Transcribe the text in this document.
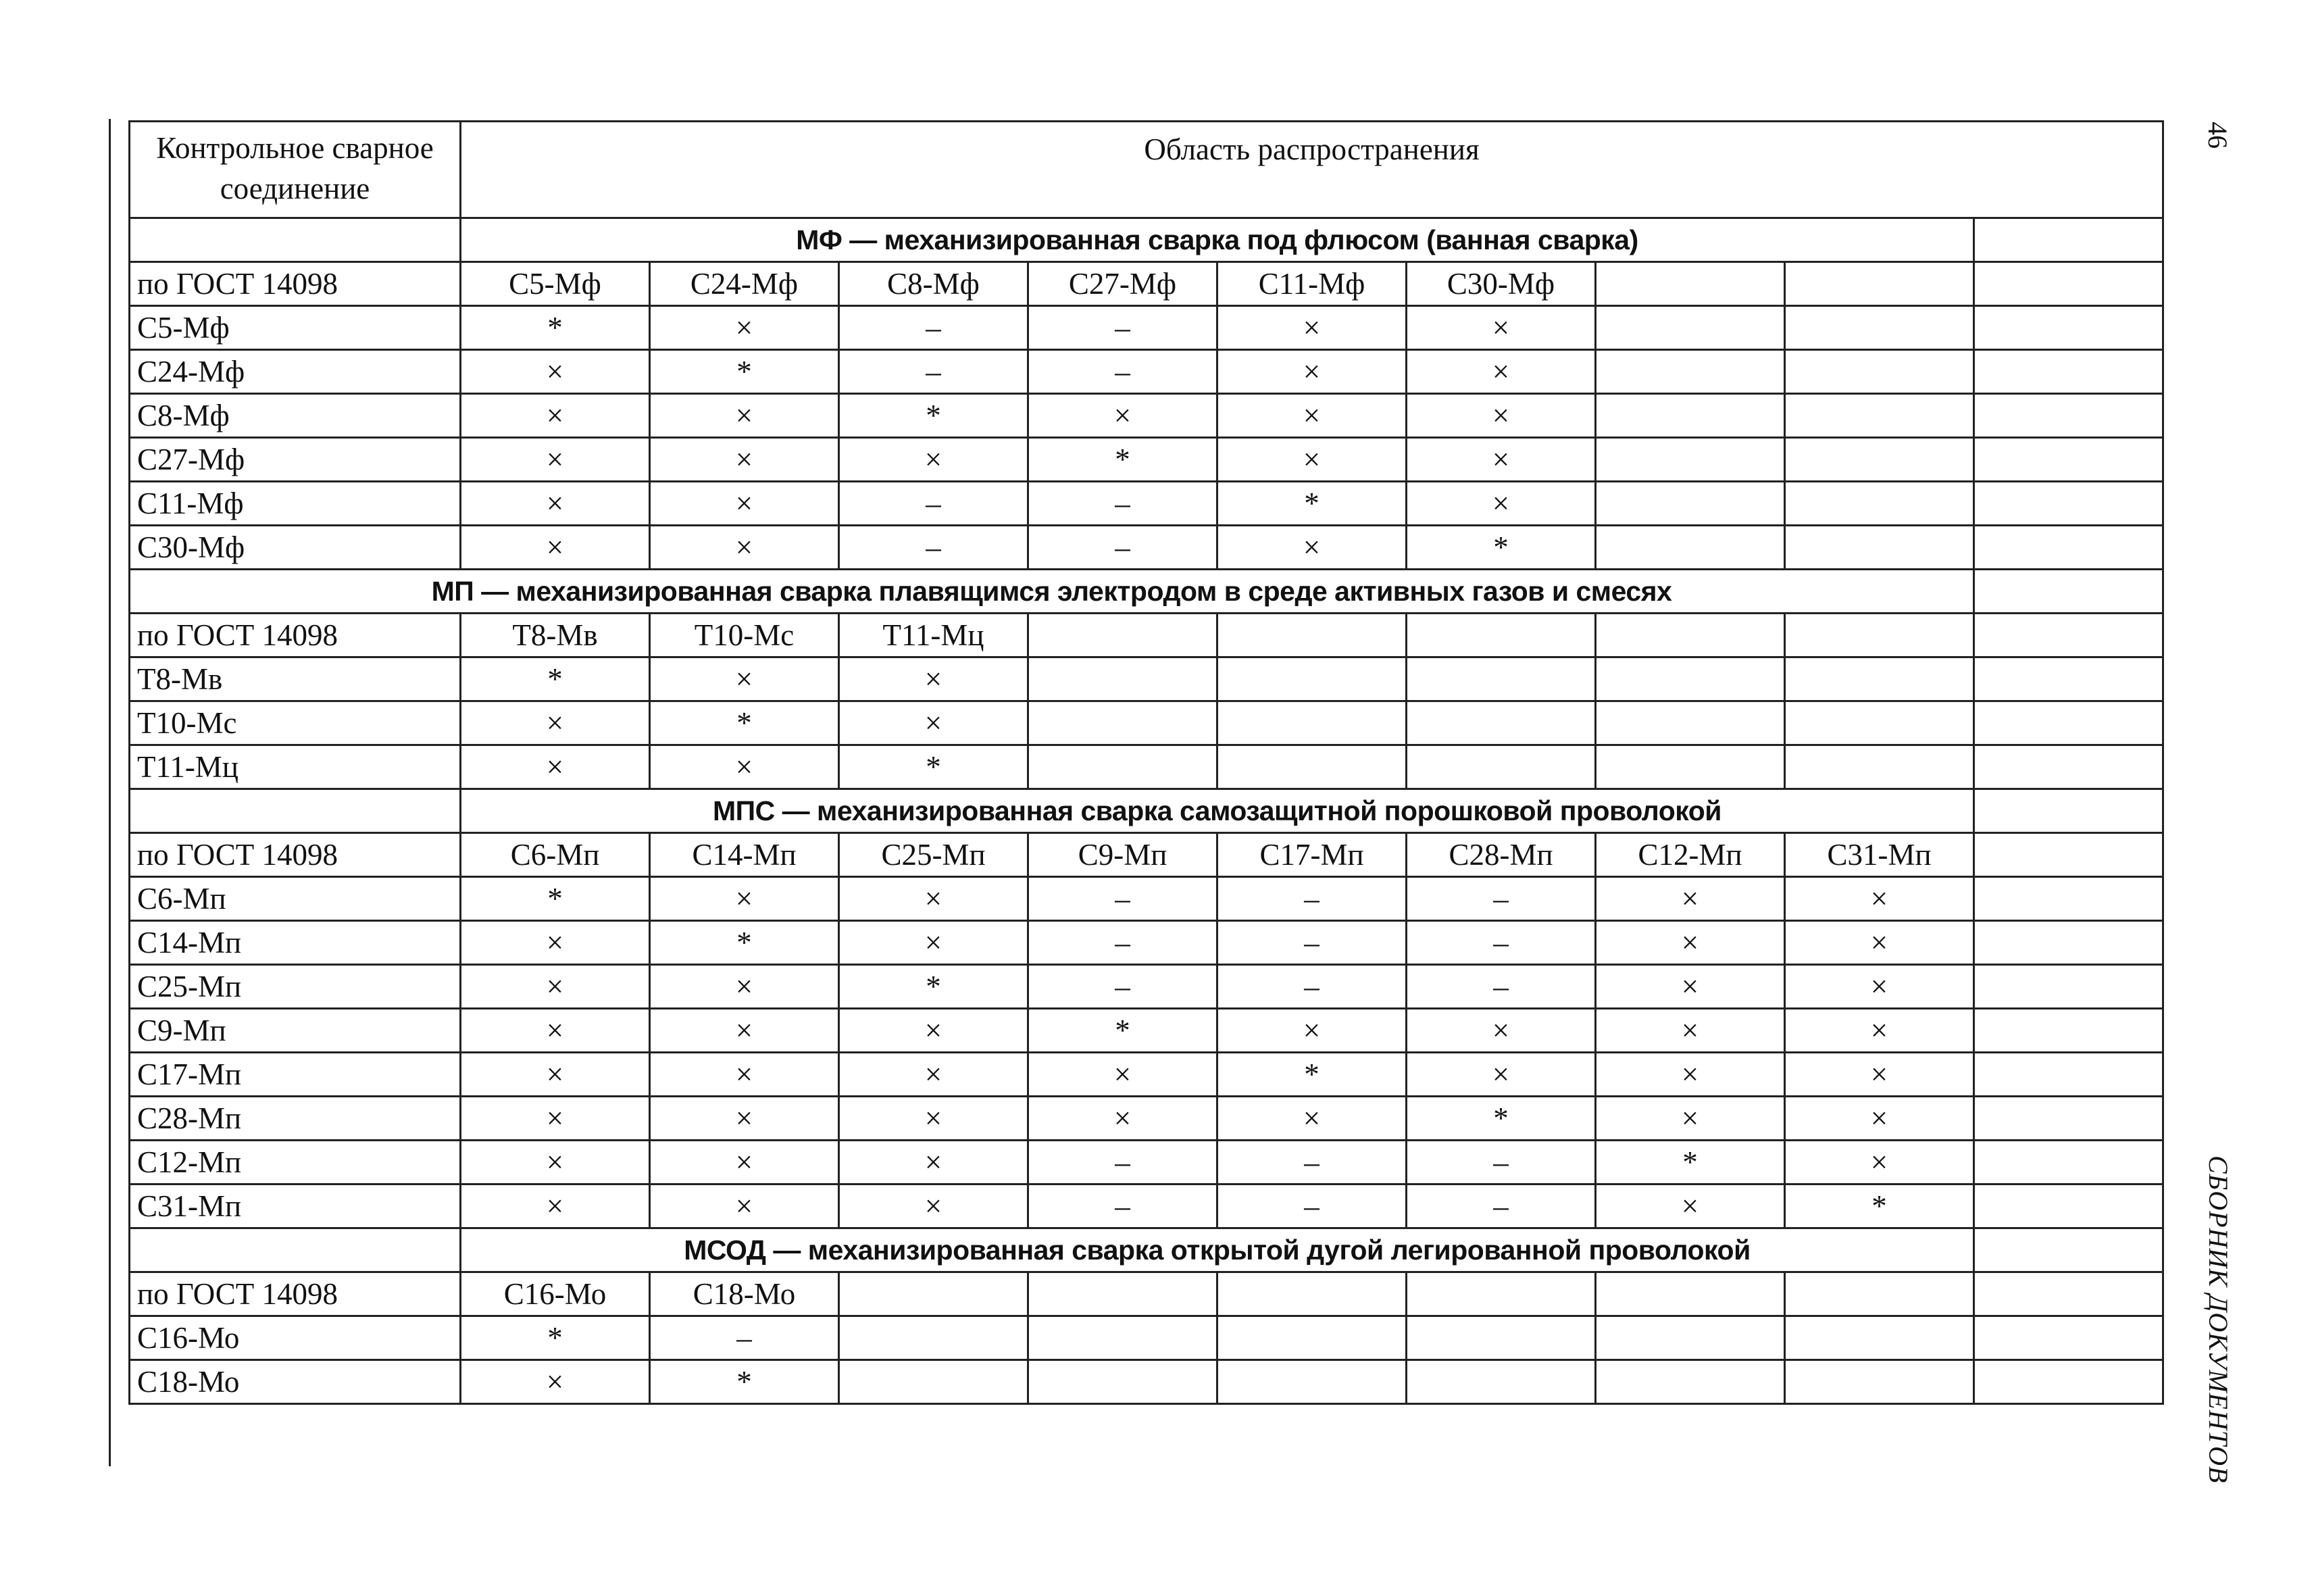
46
СБОРНИК ДОКУМЕНТОВ
Контрольное сварное соединение	Область распространения								
	МФ — механизированная сварка под флюсом (ванная сварка)								
по ГОСТ 14098	С5-Мф	С24-Мф	С8-Мф	С27-Мф	С11-Мф	С30-Мф			
С5-Мф	*	×	–	–	×	×			
С24-Мф	×	*	–	–	×	×			
С8-Мф	×	×	*	×	×	×			
С27-Мф	×	×	×	*	×	×			
С11-Мф	×	×	–	–	*	×			
С30-Мф	×	×	–	–	×	*			
МП — механизированная сварка плавящимся электродом в среде активных газов и смесях									
по ГОСТ 14098	Т8-Мв	Т10-Мс	Т11-Мц						
Т8-Мв	*	×	×						
Т10-Мс	×	*	×						
Т11-Мц	×	×	*						
	МПС — механизированная сварка самозащитной порошковой проволокой								
по ГОСТ 14098	С6-Мп	С14-Мп	С25-Мп	С9-Мп	С17-Мп	С28-Мп	С12-Мп	С31-Мп	
С6-Мп	*	×	×	–	–	–	×	×	
С14-Мп	×	*	×	–	–	–	×	×	
С25-Мп	×	×	*	–	–	–	×	×	
С9-Мп	×	×	×	*	×	×	×	×	
С17-Мп	×	×	×	×	*	×	×	×	
С28-Мп	×	×	×	×	×	*	×	×	
С12-Мп	×	×	×	–	–	–	*	×	
С31-Мп	×	×	×	–	–	–	×	*	
	МСОД — механизированная сварка открытой дугой легированной проволокой								
по ГОСТ 14098	С16-Мо	С18-Мо							
С16-Мо	*	–							
С18-Мо	×	*							
